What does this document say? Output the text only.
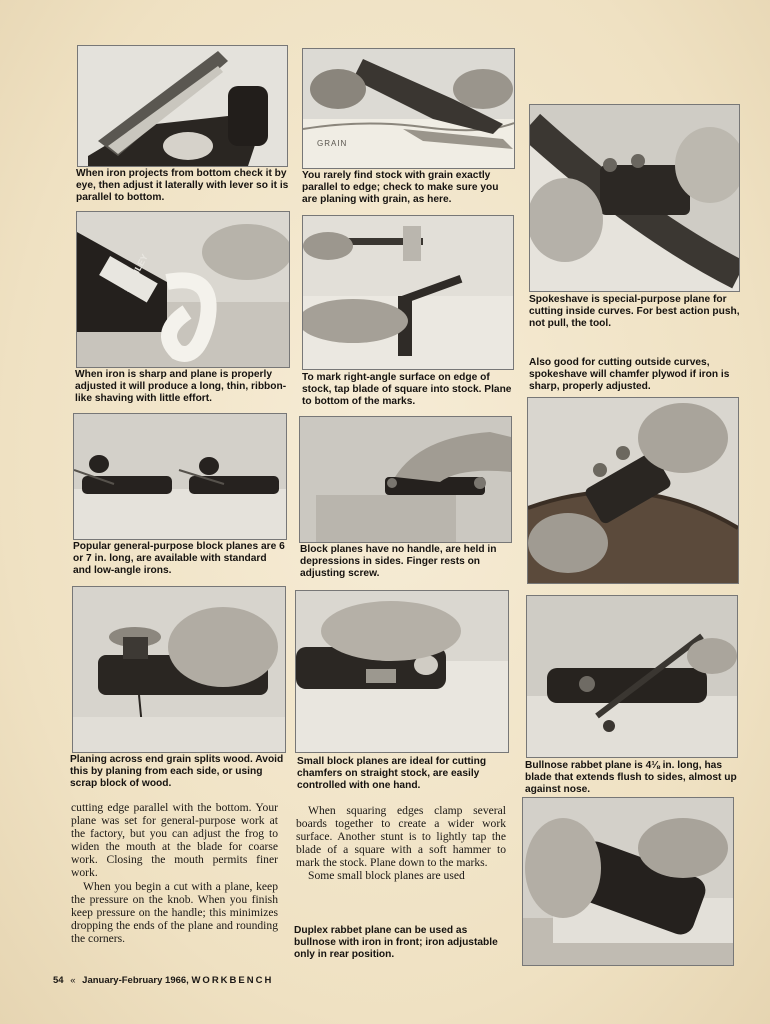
GRAIN
When iron projects from bottom check it by eye, then adjust it laterally with lever so it is parallel to bottom.
You rarely find stock with grain exactly parallel to edge; check to make sure you are planing with grain, as here.
Spokeshave is special-purpose plane for cutting inside curves. For best action push, not pull, the tool.
STANLEY
When iron is sharp and plane is properly adjusted it will produce a long, thin, ribbon-like shaving with little effort.
To mark right-angle surface on edge of stock, tap blade of square into stock. Plane to bottom of the marks.
Also good for cutting outside curves, spokeshave will chamfer plywod if iron is sharp, properly adjusted.
Popular general-purpose block planes are 6 or 7 in. long, are available with standard and low-angle irons.
Block planes have no handle, are held in depressions in sides. Finger rests on adjusting screw.
Planing across end grain splits wood. Avoid this by planing from each side, or using scrap block of wood.
Small block planes are ideal for cutting chamfers on straight stock, are easily controlled with one hand.
Bullnose rabbet plane is 4⅛ in. long, has blade that extends flush to sides, almost up against nose.

cutting edge parallel with the bottom. Your plane was set for general-purpose work at the factory, but you can adjust the frog to widen the mouth at the blade for coarse work. Closing the mouth permits finer work.

When you begin a cut with a plane, keep the pressure on the knob. When you finish keep pressure on the handle; this minimizes dropping the ends of the plane and rounding the corners.

When squaring edges clamp several boards together to create a wider work surface. Another stunt is to lightly tap the blade of a square with a soft hammer to mark the stock. Plane down to the marks.

Some small block planes are used

Duplex rabbet plane can be used as bullnose with iron in front; iron adjustable only in rear position.
54 « January-February 1966, WORKBENCH
